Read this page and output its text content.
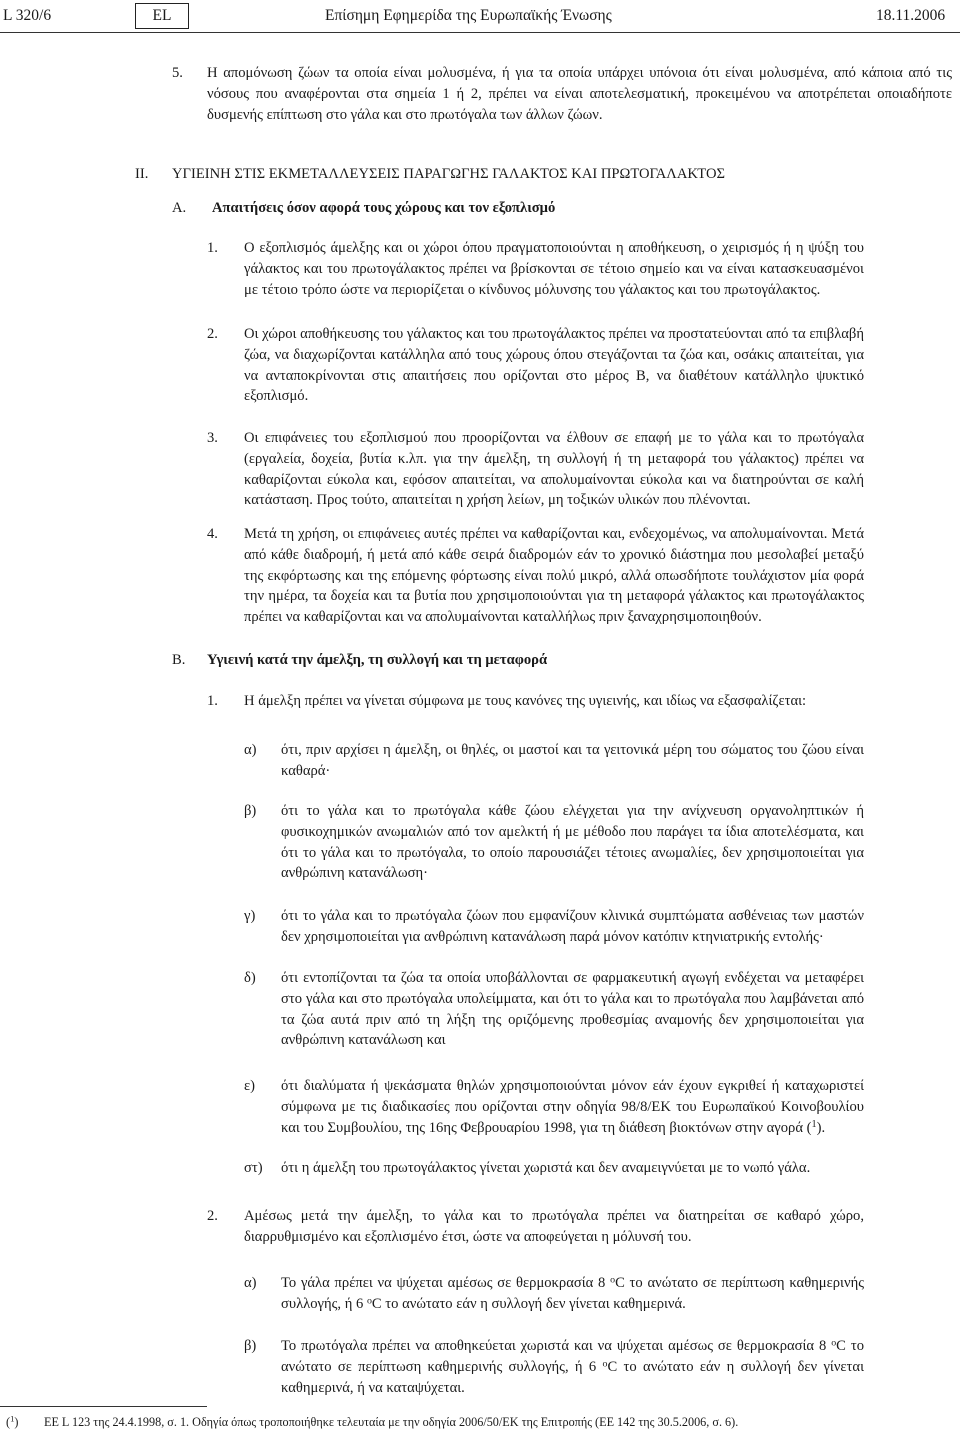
L 320/6	EL	Επίσημη Εφημερίδα της Ευρωπαϊκής Ένωσης	18.11.2006
5. Η απομόνωση ζώων τα οποία είναι μολυσμένα, ή για τα οποία υπάρχει υπόνοια ότι είναι μολυσμένα, από κάποια από τις νόσους που αναφέρονται στα σημεία 1 ή 2, πρέπει να είναι αποτελεσματική, προκειμένου να αποτρέπεται οποιαδήποτε δυσμενής επίπτωση στο γάλα και στο πρωτόγαλα των άλλων ζώων.
II. ΥΓΙΕΙΝΗ ΣΤΙΣ ΕΚΜΕΤΑΛΛΕΥΣΕΙΣ ΠΑΡΑΓΩΓΗΣ ΓΑΛΑΚΤΟΣ ΚΑΙ ΠΡΩΤΟΓΑΛΑΚΤΟΣ
A. Απαιτήσεις όσον αφορά τους χώρους και τον εξοπλισμό
1. Ο εξοπλισμός άμελξης και οι χώροι όπου πραγματοποιούνται η αποθήκευση, ο χειρισμός ή η ψύξη του γάλακτος και του πρωτογάλακτος πρέπει να βρίσκονται σε τέτοιο σημείο και να είναι κατασκευασμένοι με τέτοιο τρόπο ώστε να περιορίζεται ο κίνδυνος μόλυνσης του γάλακτος και του πρωτογάλακτος.
2. Οι χώροι αποθήκευσης του γάλακτος και του πρωτογάλακτος πρέπει να προστατεύονται από τα επιβλαβή ζώα, να διαχωρίζονται κατάλληλα από τους χώρους όπου στεγάζονται τα ζώα και, οσάκις απαιτείται, για να ανταποκρίνονται στις απαιτήσεις που ορίζονται στο μέρος B, να διαθέτουν κατάλληλο ψυκτικό εξοπλισμό.
3. Οι επιφάνειες του εξοπλισμού που προορίζονται να έλθουν σε επαφή με το γάλα και το πρωτόγαλα (εργαλεία, δοχεία, βυτία κ.λπ. για την άμελξη, τη συλλογή ή τη μεταφορά του γάλακτος) πρέπει να καθαρίζονται εύκολα και, εφόσον απαιτείται, να απολυμαίνονται εύκολα και να διατηρούνται σε καλή κατάσταση. Προς τούτο, απαιτείται η χρήση λείων, μη τοξικών υλικών που πλένονται.
4. Μετά τη χρήση, οι επιφάνειες αυτές πρέπει να καθαρίζονται και, ενδεχομένως, να απολυμαίνονται. Μετά από κάθε διαδρομή, ή μετά από κάθε σειρά διαδρομών εάν το χρονικό διάστημα που μεσολαβεί μεταξύ της εκφόρτωσης και της επόμενης φόρτωσης είναι πολύ μικρό, αλλά οπωσδήποτε τουλάχιστον μία φορά την ημέρα, τα δοχεία και τα βυτία που χρησιμοποιούνται για τη μεταφορά γάλακτος και πρωτογάλακτος πρέπει να καθαρίζονται και να απολυμαίνονται καταλλήλως πριν ξαναχρησιμοποιηθούν.
B. Υγιεινή κατά την άμελξη, τη συλλογή και τη μεταφορά
1. Η άμελξη πρέπει να γίνεται σύμφωνα με τους κανόνες της υγιεινής, και ιδίως να εξασφαλίζεται:
α) ότι, πριν αρχίσει η άμελξη, οι θηλές, οι μαστοί και τα γειτονικά μέρη του σώματος του ζώου είναι καθαρά·
β) ότι το γάλα και το πρωτόγαλα κάθε ζώου ελέγχεται για την ανίχνευση οργανοληπτικών ή φυσικοχημικών ανωμαλιών από τον αμελκτή ή με μέθοδο που παράγει τα ίδια αποτελέσματα, και ότι το γάλα και το πρωτόγαλα, το οποίο παρουσιάζει τέτοιες ανωμαλίες, δεν χρησιμοποιείται για ανθρώπινη κατανάλωση·
γ) ότι το γάλα και το πρωτόγαλα ζώων που εμφανίζουν κλινικά συμπτώματα ασθένειας των μαστών δεν χρησιμοποιείται για ανθρώπινη κατανάλωση παρά μόνον κατόπιν κτηνιατρικής εντολής·
δ) ότι εντοπίζονται τα ζώα τα οποία υποβάλλονται σε φαρμακευτική αγωγή ενδέχεται να μεταφέρει στο γάλα και στο πρωτόγαλα υπολείμματα, και ότι το γάλα και το πρωτόγαλα που λαμβάνεται από τα ζώα αυτά πριν από τη λήξη της οριζόμενης προθεσμίας αναμονής δεν χρησιμοποιείται για ανθρώπινη κατανάλωση και
ε) ότι διαλύματα ή ψεκάσματα θηλών χρησιμοποιούνται μόνον εάν έχουν εγκριθεί ή καταχωριστεί σύμφωνα με τις διαδικασίες που ορίζονται στην οδηγία 98/8/ΕΚ του Ευρωπαϊκού Κοινοβουλίου και του Συμβουλίου, της 16ης Φεβρουαρίου 1998, για τη διάθεση βιοκτόνων στην αγορά ($^1$).
στ) ότι η άμελξη του πρωτογάλακτος γίνεται χωριστά και δεν αναμειγνύεται με το νωπό γάλα.
2. Αμέσως μετά την άμελξη, το γάλα και το πρωτόγαλα πρέπει να διατηρείται σε καθαρό χώρο, διαρρυθμισμένο και εξοπλισμένο έτσι, ώστε να αποφεύγεται η μόλυνσή του.
α) Το γάλα πρέπει να ψύχεται αμέσως σε θερμοκρασία 8 $^o$C το ανώτατο σε περίπτωση καθημερινής συλλογής, ή 6 $^o$C το ανώτατο εάν η συλλογή δεν γίνεται καθημερινά.
β) Το πρωτόγαλα πρέπει να αποθηκεύεται χωριστά και να ψύχεται αμέσως σε θερμοκρασία 8 $^o$C το ανώτατο σε περίπτωση καθημερινής συλλογής, ή 6 $^o$C το ανώτατο εάν η συλλογή δεν γίνεται καθημερινά, ή να καταψύχεται.
($^1$) ΕΕ L 123 της 24.4.1998, σ. 1. Οδηγία όπως τροποποιήθηκε τελευταία με την οδηγία 2006/50/ΕΚ της Επιτροπής (ΕΕ 142 της 30.5.2006, σ. 6).
